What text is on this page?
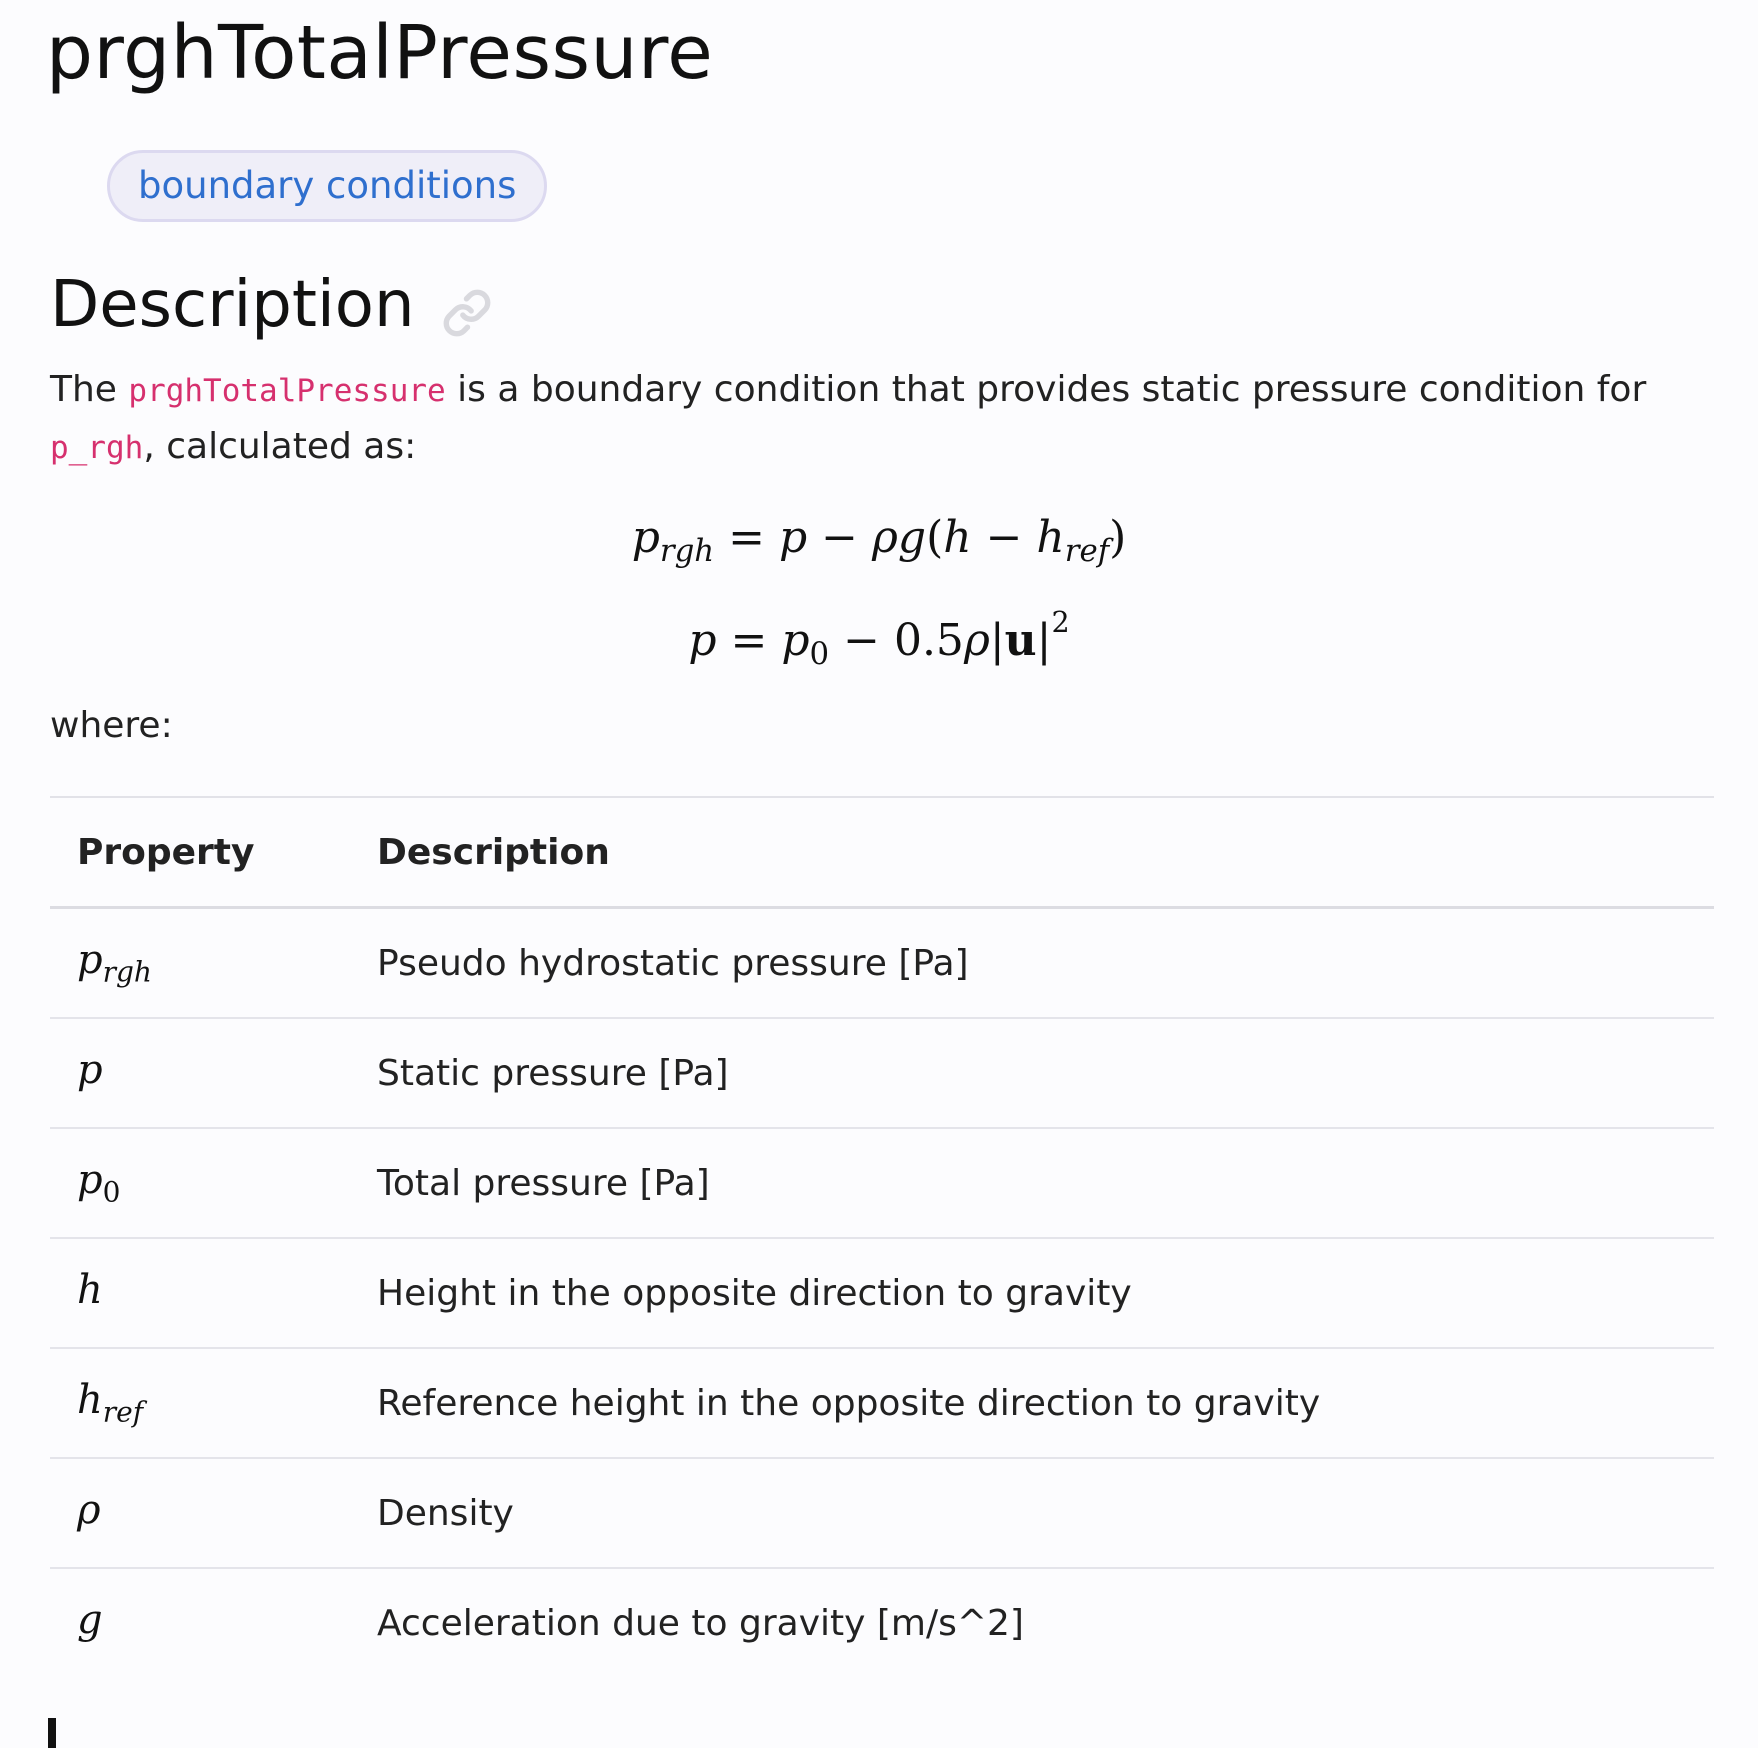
prghTotalPressure
boundary conditions
Description

The prghTotalPressure is a boundary condition that provides static pressure condition for p_rgh, calculated as:

$p_{rgh} = p - \rho g(h - h_{ref})$
$p = p_0 - 0.5\rho|u|^2$

where:

Property	Description
$p_{rgh}$	Pseudo hydrostatic pressure [Pa]
p	Static pressure [Pa]
$p_0$	Total pressure [Pa]
h	Height in the opposite direction to gravity
$h_{ref}$	Reference height in the opposite direction to gravity
ρ	Density
g	Acceleration due to gravity [m/s^2]
